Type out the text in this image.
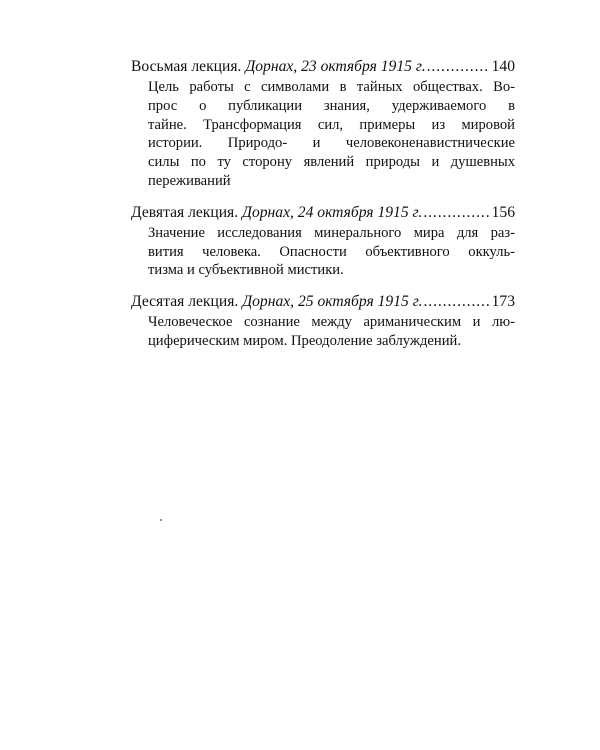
Восьмая лекция. Дорнах, 23 октября 1915 г. . . .	140
Цель работы с символами в тайных обществах. Во-
прос о публикации знания, удерживаемого в
тайне. Трансформация сил, примеры из мировой
истории. Природо- и человеконенавистнические
силы по ту сторону явлений природы и душевных
переживаний
Девятая лекция. Дорнах, 24 октября 1915 г. . . .	156
Значение исследования минерального мира для раз-
вития человека. Опасности объективного оккуль-
тизма и субъективной мистики.
Десятая лекция. Дорнах, 25 октября 1915 г. . . .	173
Человеческое сознание между ариманическим и лю-
циферическим миром. Преодоление заблуждений.
